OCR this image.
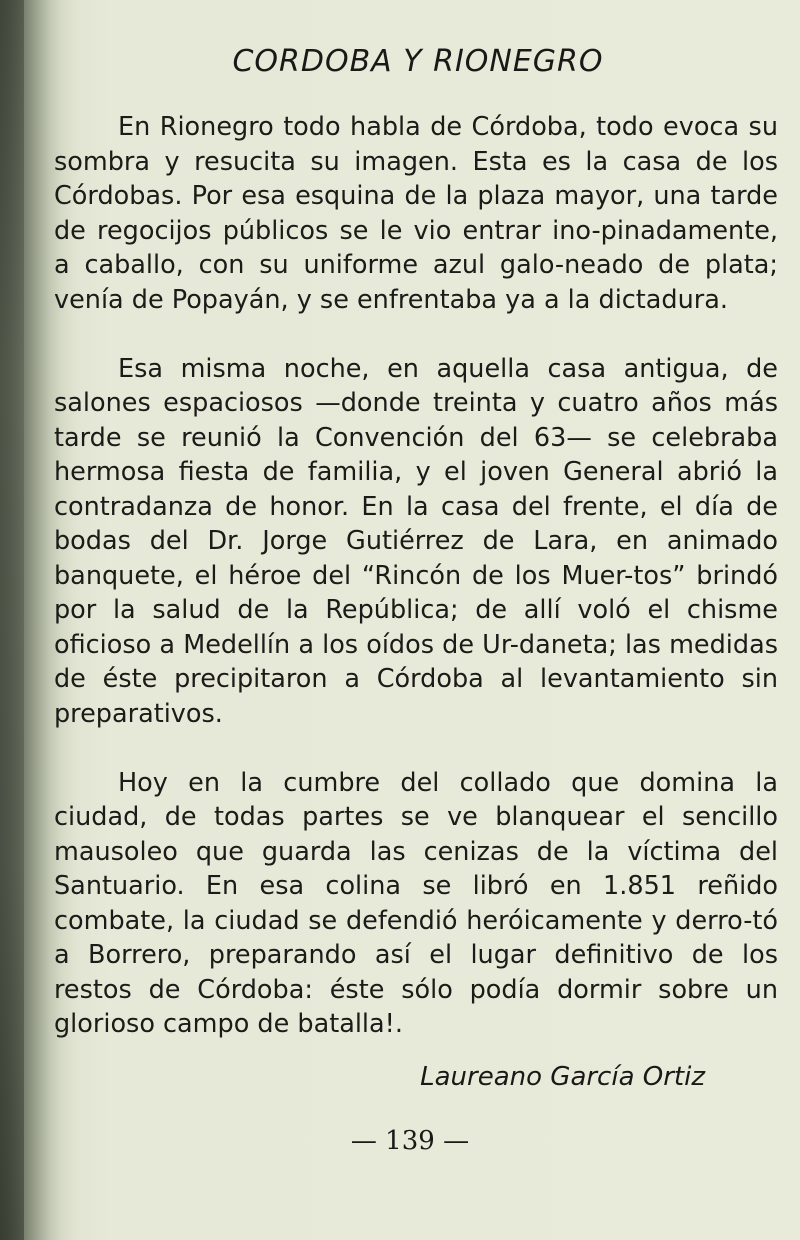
CORDOBA Y RIONEGRO

En Rionegro todo habla de Córdoba, todo evoca su sombra y resucita su imagen. Esta es la casa de los Córdobas. Por esa esquina de la plaza mayor, una tarde de regocijos públicos se le vio entrar ino-pinadamente, a caballo, con su uniforme azul galo-neado de plata; venía de Popayán, y se enfrentaba ya a la dictadura.

Esa misma noche, en aquella casa antigua, de salones espaciosos —donde treinta y cuatro años más tarde se reunió la Convención del 63— se celebraba hermosa fiesta de familia, y el joven General abrió la contradanza de honor. En la casa del frente, el día de bodas del Dr. Jorge Gutiérrez de Lara, en animado banquete, el héroe del “Rincón de los Muer-tos” brindó por la salud de la República; de allí voló el chisme oficioso a Medellín a los oídos de Ur-daneta; las medidas de éste precipitaron a Córdoba al levantamiento sin preparativos.

Hoy en la cumbre del collado que domina la ciudad, de todas partes se ve blanquear el sencillo mausoleo que guarda las cenizas de la víctima del Santuario. En esa colina se libró en 1.851 reñido combate, la ciudad se defendió heróicamente y derro-tó a Borrero, preparando así el lugar definitivo de los restos de Córdoba: éste sólo podía dormir sobre un glorioso campo de batalla!.

Laureano García Ortiz
— 139 —
